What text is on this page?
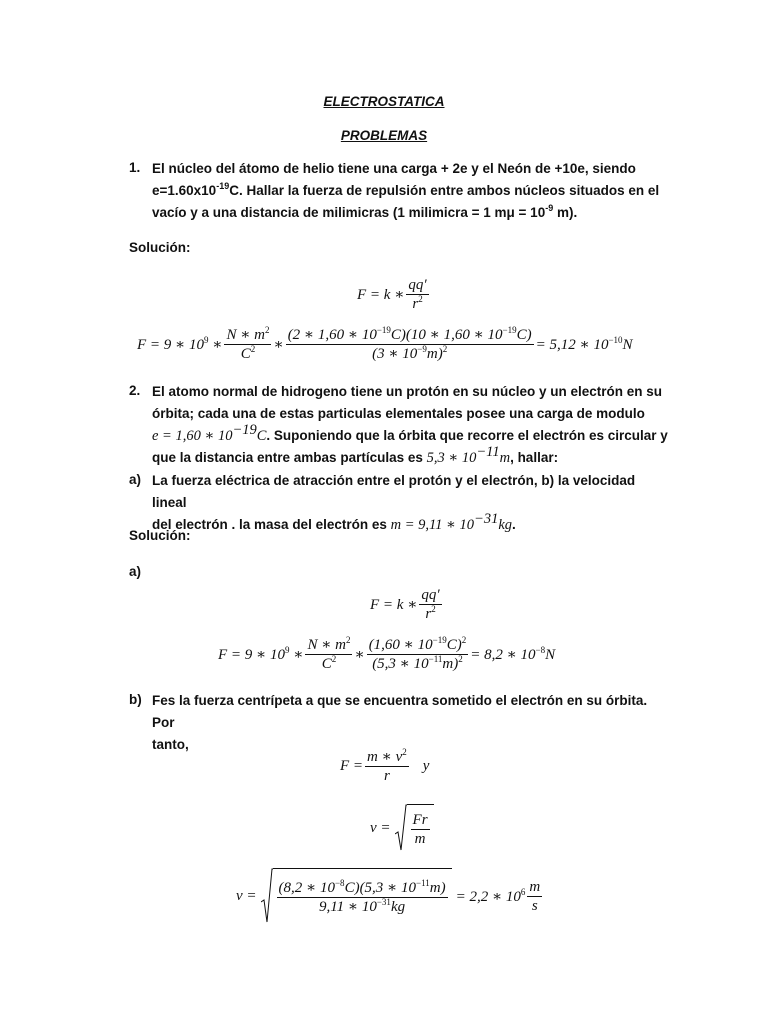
ELECTROSTATICA
PROBLEMAS
1. El núcleo del átomo de helio tiene una carga + 2e y el Neón de +10e, siendo
$e=1.60x10^{-19}C$. Hallar la fuerza de repulsión entre ambos núcleos situados en el
vacío y a una distancia de milimicras (1 milimicra = 1 $m\mu = 10^{-9}$ m).
Solución:
F = k ∗ $\frac{qq'}{r^2}$
F = 9 ∗ $10^9$ ∗ $\frac{N ∗ m^2}{C^2}$ ∗ $\frac{(2 ∗ 1,60 ∗ 10^{-19}C)(10 ∗ 1,60 ∗ 10^{-19}C)}{(3 ∗ 10^{-9}m)^2} = 5,12$ ∗ $10^{-10}N$
2. El atomo normal de hidrogeno tiene un protón en su núcleo y un electrón en su
órbita; cada una de estas particulas elementales posee una carga de modulo
e = 1,60 ∗ $10^{-19}C$. Suponiendo que la órbita que recorre el electrón es circular y
que la distancia entre ambas partículas es 5,3 ∗ $10^{-11}m$, hallar:
a) La fuerza eléctrica de atracción entre el protón y el electrón, b) la velocidad lineal
del electrón . la masa del electrón es m = 9,11 ∗ $10^{-31}kg$.
Solución:
a)
F = k ∗ $\frac{qq'}{r^2}$
F = 9 ∗ $10^9$ ∗ $\frac{N ∗ m^2}{C^2}$ ∗ $\frac{(1,60 ∗ 10^{-19}C)^2}{(5,3 ∗ 10^{-11}m)^2} = 8,2$ ∗ $10^{-8}N$
b) Fes la fuerza centrípeta a que se encuentra sometido el electrón en su órbita. Por
tanto,
$F = \frac{m ∗ v^2}{r}$ y
$v = \frac{Fr}{m}$
$v = \frac{(8,2 ∗ 10^{-8}C)(5,3 ∗ 10^{-11}m)}{9,11 ∗ 10^{-31}kg} = 2,2$ ∗ $10^6 \frac{m}{s}$
